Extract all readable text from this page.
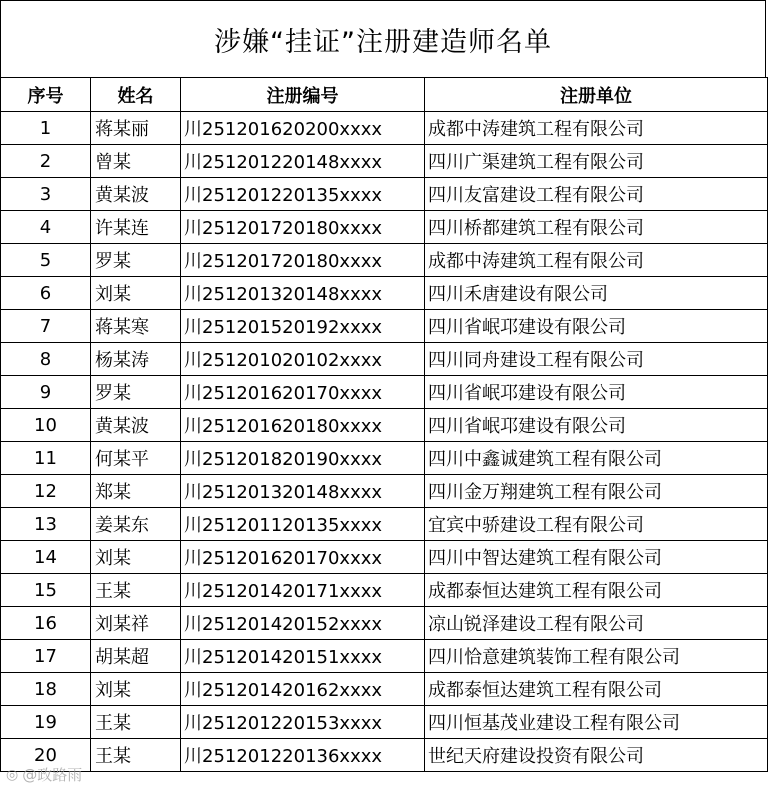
涉嫌“挂证”注册建造师名单
序号	姓名	注册编号	注册单位
1	蒋某丽	川251201620200xxxx	成都中涛建筑工程有限公司
2	曾某	川251201220148xxxx	四川广渠建筑工程有限公司
3	黄某波	川251201220135xxxx	四川友富建设工程有限公司
4	许某连	川251201720180xxxx	四川桥都建筑工程有限公司
5	罗某	川251201720180xxxx	成都中涛建筑工程有限公司
6	刘某	川251201320148xxxx	四川禾唐建设有限公司
7	蒋某寒	川251201520192xxxx	四川省岷邛建设有限公司
8	杨某涛	川251201020102xxxx	四川同舟建设工程有限公司
9	罗某	川251201620170xxxx	四川省岷邛建设有限公司
10	黄某波	川251201620180xxxx	四川省岷邛建设有限公司
11	何某平	川251201820190xxxx	四川中鑫诚建筑工程有限公司
12	郑某	川251201320148xxxx	四川金万翔建筑工程有限公司
13	姜某东	川251201120135xxxx	宜宾中骄建设工程有限公司
14	刘某	川251201620170xxxx	四川中智达建筑工程有限公司
15	王某	川251201420171xxxx	成都泰恒达建筑工程有限公司
16	刘某祥	川251201420152xxxx	凉山锐泽建设工程有限公司
17	胡某超	川251201420151xxxx	四川恰意建筑装饰工程有限公司
18	刘某	川251201420162xxxx	成都泰恒达建筑工程有限公司
19	王某	川251201220153xxxx	四川恒基茂业建设工程有限公司
20	王某	川251201220136xxxx	世纪天府建设投资有限公司
◎ @政路雨
